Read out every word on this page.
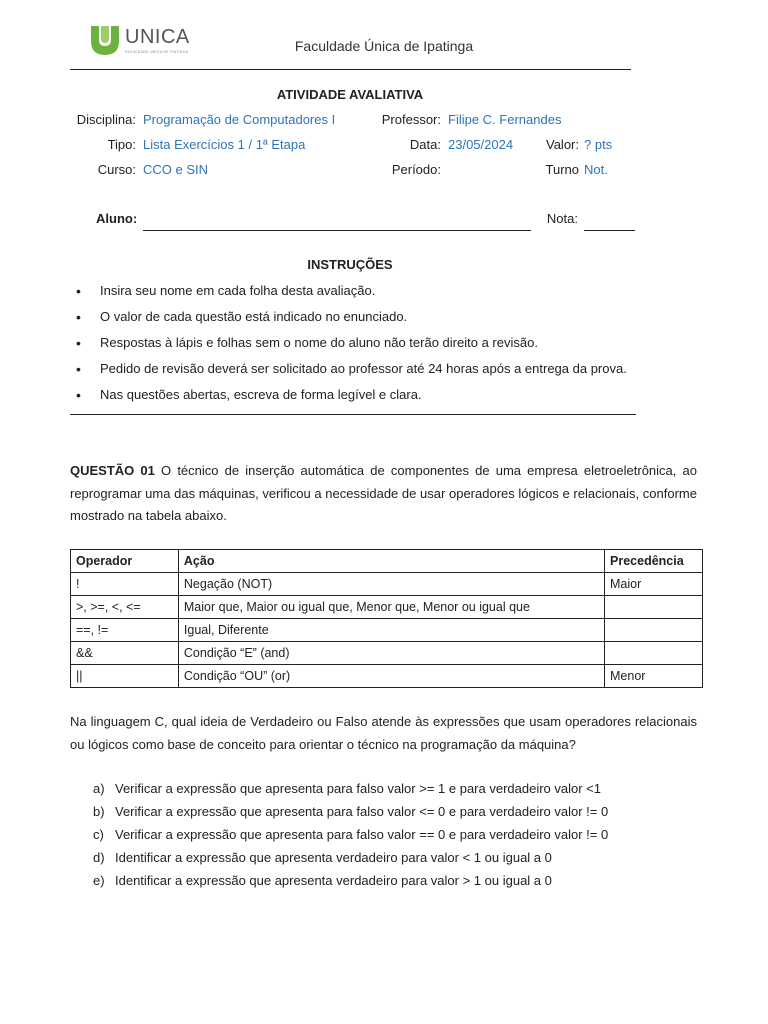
UNICA
FACULDADE ÚNICA DE IPATINGA	Faculdade Única de Ipatinga
ATIVIDADE AVALIATIVA
Disciplina: Programação de Computadores I	Professor: Filipe C. Fernandes
Tipo: Lista Exercícios 1 / 1ª Etapa	Data: 23/05/2024	Valor: ? pts
Curso: CCO e SIN	Período:	Turno Not.
Aluno:	Nota:
INSTRUÇÕES
• Insira seu nome em cada folha desta avaliação.
• O valor de cada questão está indicado no enunciado.
• Respostas à lápis e folhas sem o nome do aluno não terão direito a revisão.
• Pedido de revisão deverá ser solicitado ao professor até 24 horas após a entrega da prova.
• Nas questões abertas, escreva de forma legível e clara.
QUESTÃO 01 O técnico de inserção automática de componentes de uma empresa eletroeletrônica, ao reprogramar uma das máquinas, verificou a necessidade de usar operadores lógicos e relacionais, conforme mostrado na tabela abaixo.
Operador	Ação	Precedência
!	Negação (NOT)	Maior
>, >=, <, <=	Maior que, Maior ou igual que, Menor que, Menor ou igual que	
==, !=	Igual, Diferente	
&&	Condição “E” (and)	
||	Condição “OU” (or)	Menor
Na linguagem C, qual ideia de Verdadeiro ou Falso atende às expressões que usam operadores relacionais ou lógicos como base de conceito para orientar o técnico na programação da máquina?
a) Verificar a expressão que apresenta para falso valor >= 1 e para verdadeiro valor <1
b) Verificar a expressão que apresenta para falso valor <= 0 e para verdadeiro valor != 0
c) Verificar a expressão que apresenta para falso valor == 0 e para verdadeiro valor != 0
d) Identificar a expressão que apresenta verdadeiro para valor < 1 ou igual a 0
e) Identificar a expressão que apresenta verdadeiro para valor > 1 ou igual a 0
